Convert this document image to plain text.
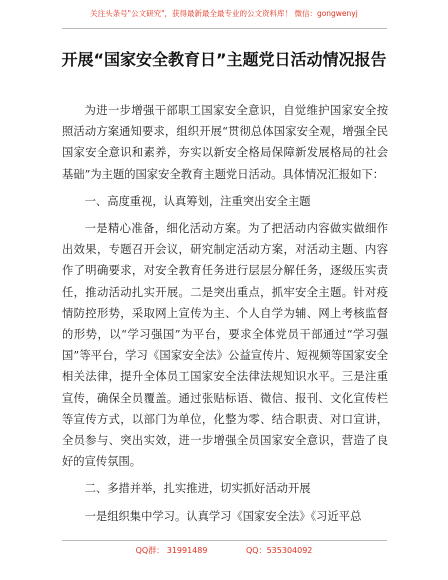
关注头条号"公文研究"，获得最新最全最专业的公文资料库！ 微信：gongwenyj
开展“国家安全教育日”主题党日活动情况报告

为进一步增强干部职工国家安全意识，自觉维护国家安全按照活动方案通知要求，组织开展“贯彻总体国家安全观，增强全民国家安全意识和素养，夯实以新安全格局保障新发展格局的社会基础”为主题的国家安全教育主题党日活动。具体情况汇报如下：

一、高度重视，认真筹划，注重突出安全主题

一是精心准备，细化活动方案。为了把活动内容做实做细作出效果，专题召开会议，研究制定活动方案，对活动主题、内容作了明确要求，对安全教育任务进行层层分解任务，逐级压实责任，推动活动扎实开展。二是突出重点，抓牢安全主题。针对疫情防控形势，采取网上宣传为主、个人自学为辅、网上考核监督的形势，以“学习强国”为平台，要求全体党员干部通过“学习强国”等平台，学习《国家安全法》公益宣传片、短视频等国家安全相关法律，提升全体员工国家安全法律法规知识水平。三是注重宣传，确保全员覆盖。通过张贴标语、微信、报刊、文化宣传栏等宣传方式，以部门为单位，化整为零、结合职责、对口宣讲，全员参与、突出实效，进一步增强全员国家安全意识，营造了良好的宣传氛围。

二、多措并举，扎实推进，切实抓好活动开展

一是组织集中学习。认真学习《国家安全法》《习近平总

QQ群： 31991489	QQ：535304092
